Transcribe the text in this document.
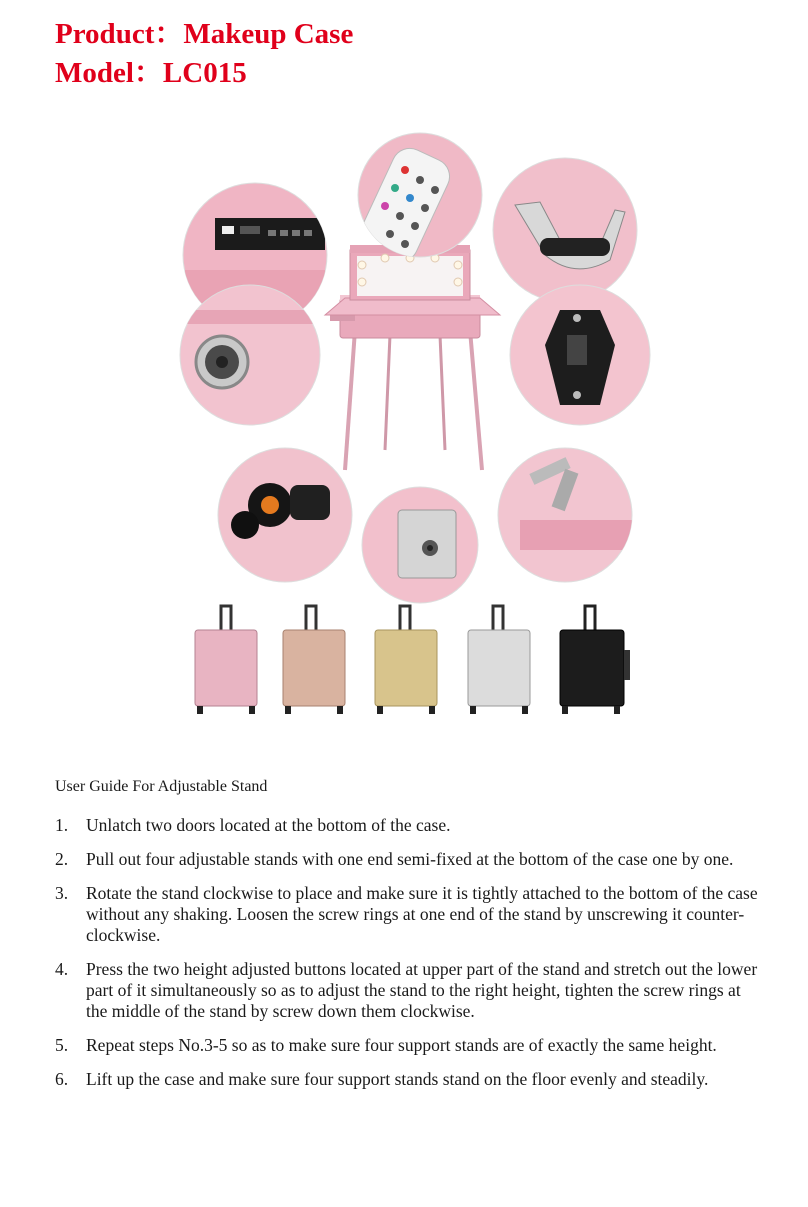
Product：Makeup Case
Model：LC015

User Guide For Adjustable Stand

1. Unlatch two doors located at the bottom of the case.
2. Pull out four adjustable stands with one end semi-fixed at the bottom of the case one by one.
3. Rotate the stand clockwise to place and make sure it is tightly attached to the bottom of the case without any shaking. Loosen the screw rings at one end of the stand by unscrewing it counter-clockwise.
4. Press the two height adjusted buttons located at upper part of the stand and stretch out the lower part of it simultaneously so as to adjust the stand to the right height, tighten the screw rings at the middle of the stand by screw down them clockwise.
5. Repeat steps No.3-5 so as to make sure four support stands are of exactly the same height.
6. Lift up the case and make sure four support stands stand on the floor evenly and steadily.
